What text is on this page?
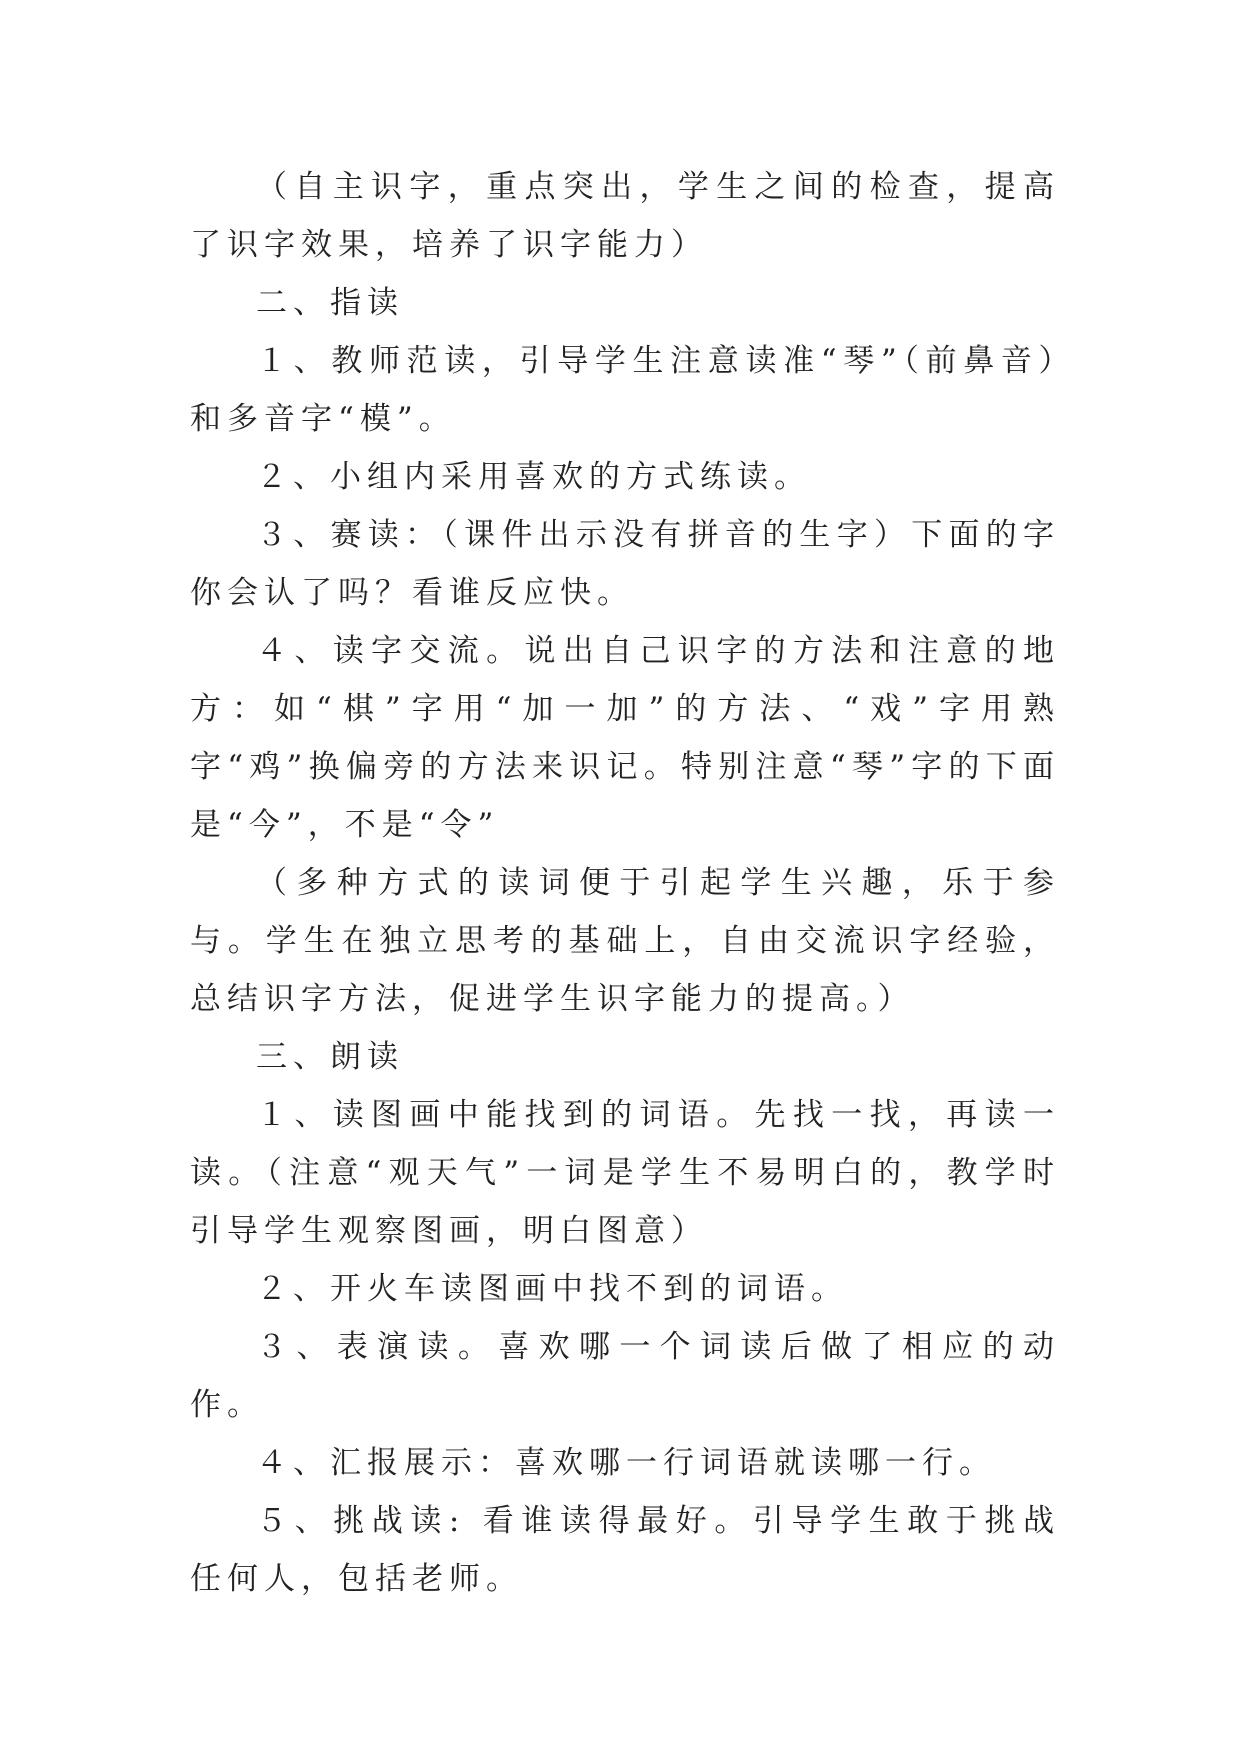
（自主识字，重点突出，学生之间的检查，提高了识字效果，培养了识字能力）

二、指读

１、教师范读，引导学生注意读准“琴”（前鼻音）和多音字“模”。

２、小组内采用喜欢的方式练读。

３、赛读：（课件出示没有拼音的生字）下面的字你会认了吗？看谁反应快。

４、读字交流。说出自己识字的方法和注意的地方：如“棋”字用“加一加”的方法、“戏”字用熟字“鸡”换偏旁的方法来识记。特别注意“琴”字的下面是“今”，不是“令”

（多种方式的读词便于引起学生兴趣，乐于参与。学生在独立思考的基础上，自由交流识字经验，总结识字方法，促进学生识字能力的提高。）

三、朗读

１、读图画中能找到的词语。先找一找，再读一读。（注意“观天气”一词是学生不易明白的，教学时引导学生观察图画，明白图意）

２、开火车读图画中找不到的词语。

３、表演读。喜欢哪一个词读后做了相应的动作。

４、汇报展示：喜欢哪一行词语就读哪一行。

５、挑战读: 看谁读得最好。引导学生敢于挑战任何人，包括老师。
